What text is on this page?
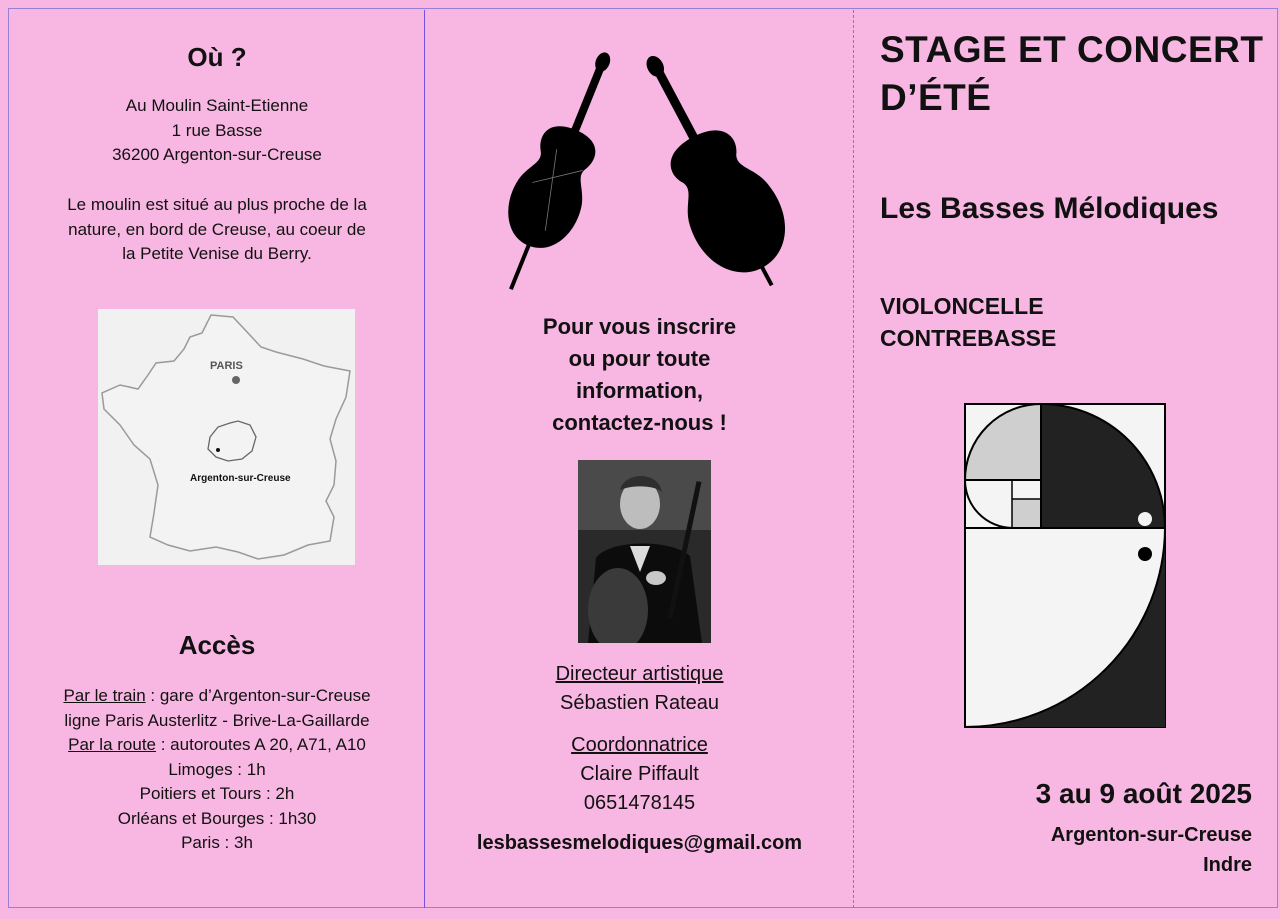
Où ?
Au Moulin Saint-Etienne
1 rue Basse
36200 Argenton-sur-Creuse
Le moulin est situé au plus proche de la
nature, en bord de Creuse, au coeur de
la Petite Venise du Berry.
PARIS
Argenton-sur-Creuse
Accès
Par le train : gare d’Argenton-sur-Creuse
ligne Paris Austerlitz - Brive-La-Gaillarde
Par la route : autoroutes A 20, A71, A10
Limoges : 1h
Poitiers et Tours : 2h
Orléans et Bourges : 1h30
Paris : 3h
Pour vous inscrire
ou pour toute
information,
contactez-nous !
Directeur artistique
Sébastien Rateau
Coordonnatrice
Claire Piffault
0651478145
lesbassesmelodiques@gmail.com
STAGE ET CONCERT
D’ÉTÉ
Les Basses Mélodiques
VIOLONCELLE
CONTREBASSE
3 au 9 août 2025
Argenton-sur-Creuse
Indre
